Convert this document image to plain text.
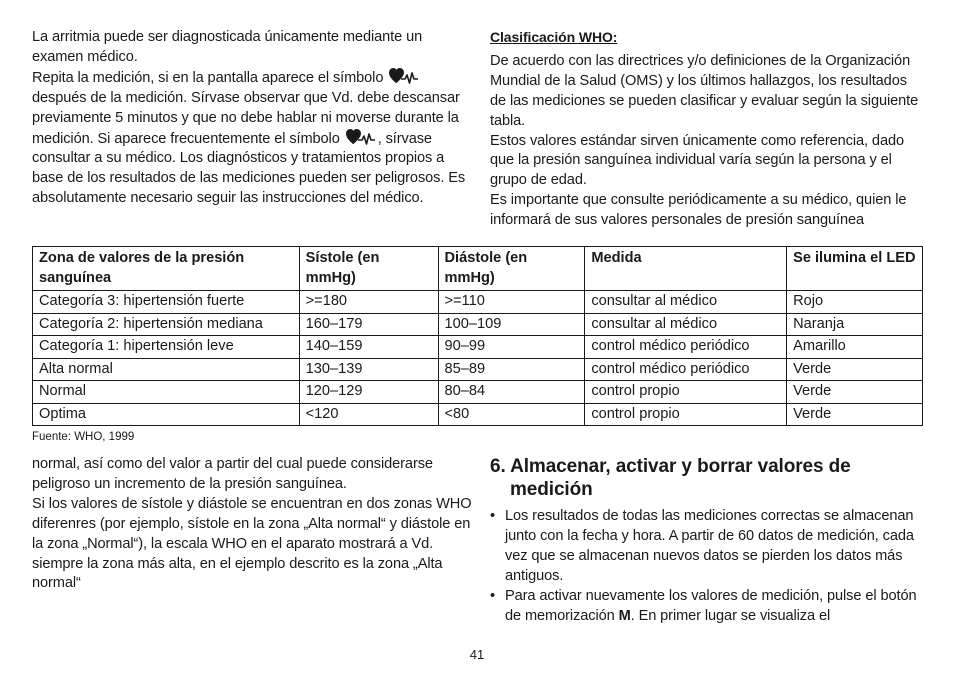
La arritmia puede ser diagnosticada únicamente mediante un examen médico.

Repita la medición, si en la pantalla aparece el símbolo  después de la medición. Sírvase observar que Vd. debe descansar previamente 5 minutos y que no debe hablar ni moverse durante la medición. Si aparece frecuentemente el símbolo	, sírvase consultar a su médico. Los diagnósticos y tratamientos propios a base de los resultados de las mediciones pueden ser peligrosos. Es absolutamente necesario seguir las instrucciones del médico.

Clasificación WHO:

De acuerdo con las directrices y/o definiciones de la Organización Mundial de la Salud (OMS) y los últimos hallazgos, los resultados de las mediciones se pueden clasificar y evaluar según la siguiente tabla.

Estos valores estándar sirven únicamente como referencia, dado que la presión sanguínea individual varía según la persona y el grupo de edad.

Es importante que consulte periódicamente a su médico, quien le informará de sus valores personales de presión sanguínea

Zona de valores de la presión sanguínea	Sístole (en mmHg)	Diástole (en mmHg)	Medida	Se ilumina el LED
Categoría 3: hipertensión fuerte	>=180	>=110	consultar al médico	Rojo
Categoría 2: hipertensión mediana	160–179	100–109	consultar al médico	Naranja
Categoría 1: hipertensión leve	140–159	90–99	control médico periódico	Amarillo
Alta normal	130–139	85–89	control médico periódico	Verde
Normal	120–129	80–84	control propio	Verde
Optima	<120	<80	control propio	Verde
Fuente: WHO, 1999

normal, así como del valor a partir del cual puede considerarse peligroso un incremento de la presión sanguínea.

Si los valores de sístole y diástole se encuentran en dos zonas WHO diferenres (por ejemplo, sístole en la zona „Alta normal“ y diástole en la zona „Normal“), la escala WHO en el aparato mostrará a Vd. siempre la zona más alta, en el ejemplo descrito es la zona „Alta normal“

6. Almacenar, activar y borrar valores de medición
• Los resultados de todas las mediciones correctas se almacenan junto con la fecha y hora. A partir de 60 datos de medición, cada vez que se almacenan nuevos datos se pierden los datos más antiguos.
• Para activar nuevamente los valores de medición, pulse el botón de memorización M. En primer lugar se visualiza el
41
